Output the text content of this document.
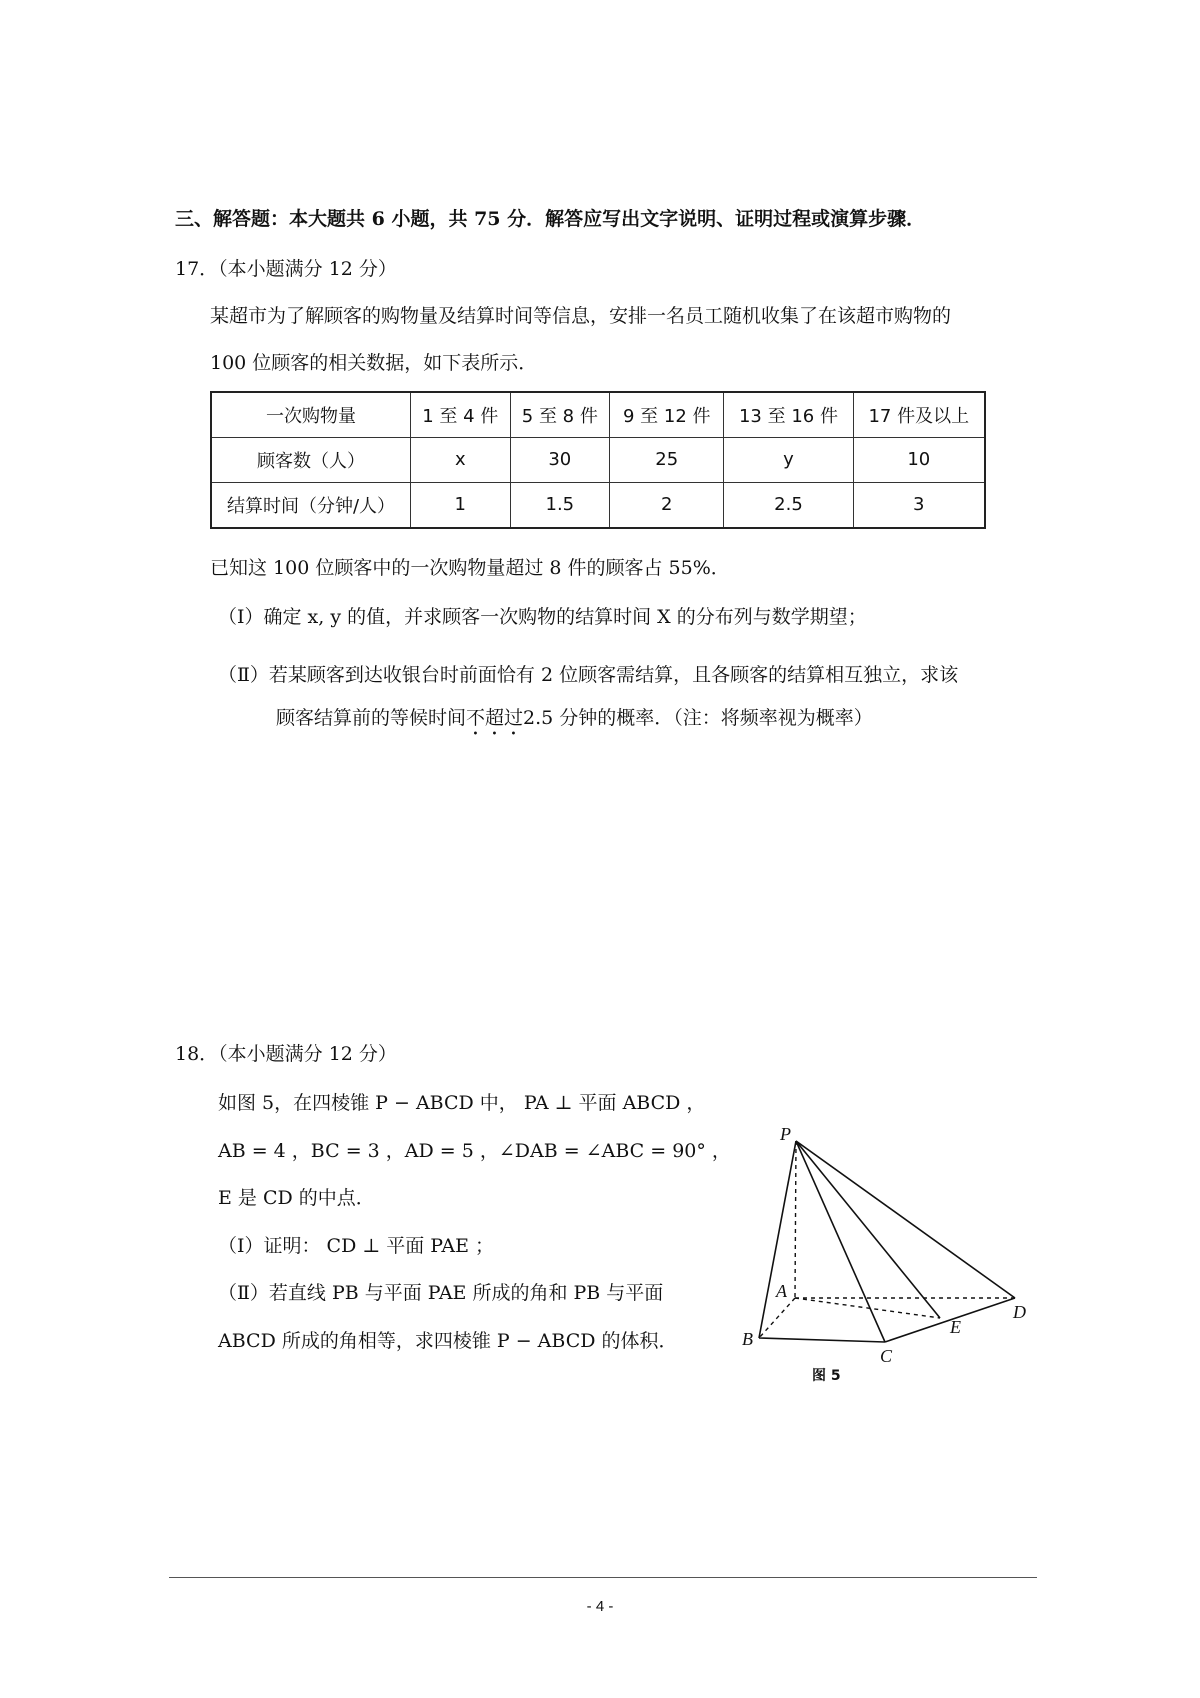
三、解答题：本大题共 6 小题，共 75 分．解答应写出文字说明、证明过程或演算步骤．
17．（本小题满分 12 分）
某超市为了解顾客的购物量及结算时间等信息，安排一名员工随机收集了在该超市购物的
100 位顾客的相关数据，如下表所示．
一次购物量	1 至 4 件	5 至 8 件	9 至 12 件	13 至 16 件	17 件及以上
顾客数（人）	x	30	25	y	10
结算时间（分钟/人）	1	1.5	2	2.5	3
已知这 100 位顾客中的一次购物量超过 8 件的顾客占 55%．
（Ⅰ）确定 x, y 的值，并求顾客一次购物的结算时间 X 的分布列与数学期望；
（Ⅱ）若某顾客到达收银台时前面恰有 2 位顾客需结算，且各顾客的结算相互独立，求该
顾客结算前的等候时间不超过2.5 分钟的概率．（注：将频率视为概率）
18．（本小题满分 12 分）
如图 5，在四棱锥 P − ABCD 中， PA ⊥ 平面 ABCD ，
AB = 4 ，BC = 3 ，AD = 5 ，∠DAB = ∠ABC = 90° ，
E 是 CD 的中点．
（Ⅰ）证明： CD ⊥ 平面 PAE ；
（Ⅱ）若直线 PB 与平面 PAE 所成的角和 PB 与平面
ABCD 所成的角相等，求四棱锥 P − ABCD 的体积．
P
A
B
C
D
E
图 5
- 4 -
